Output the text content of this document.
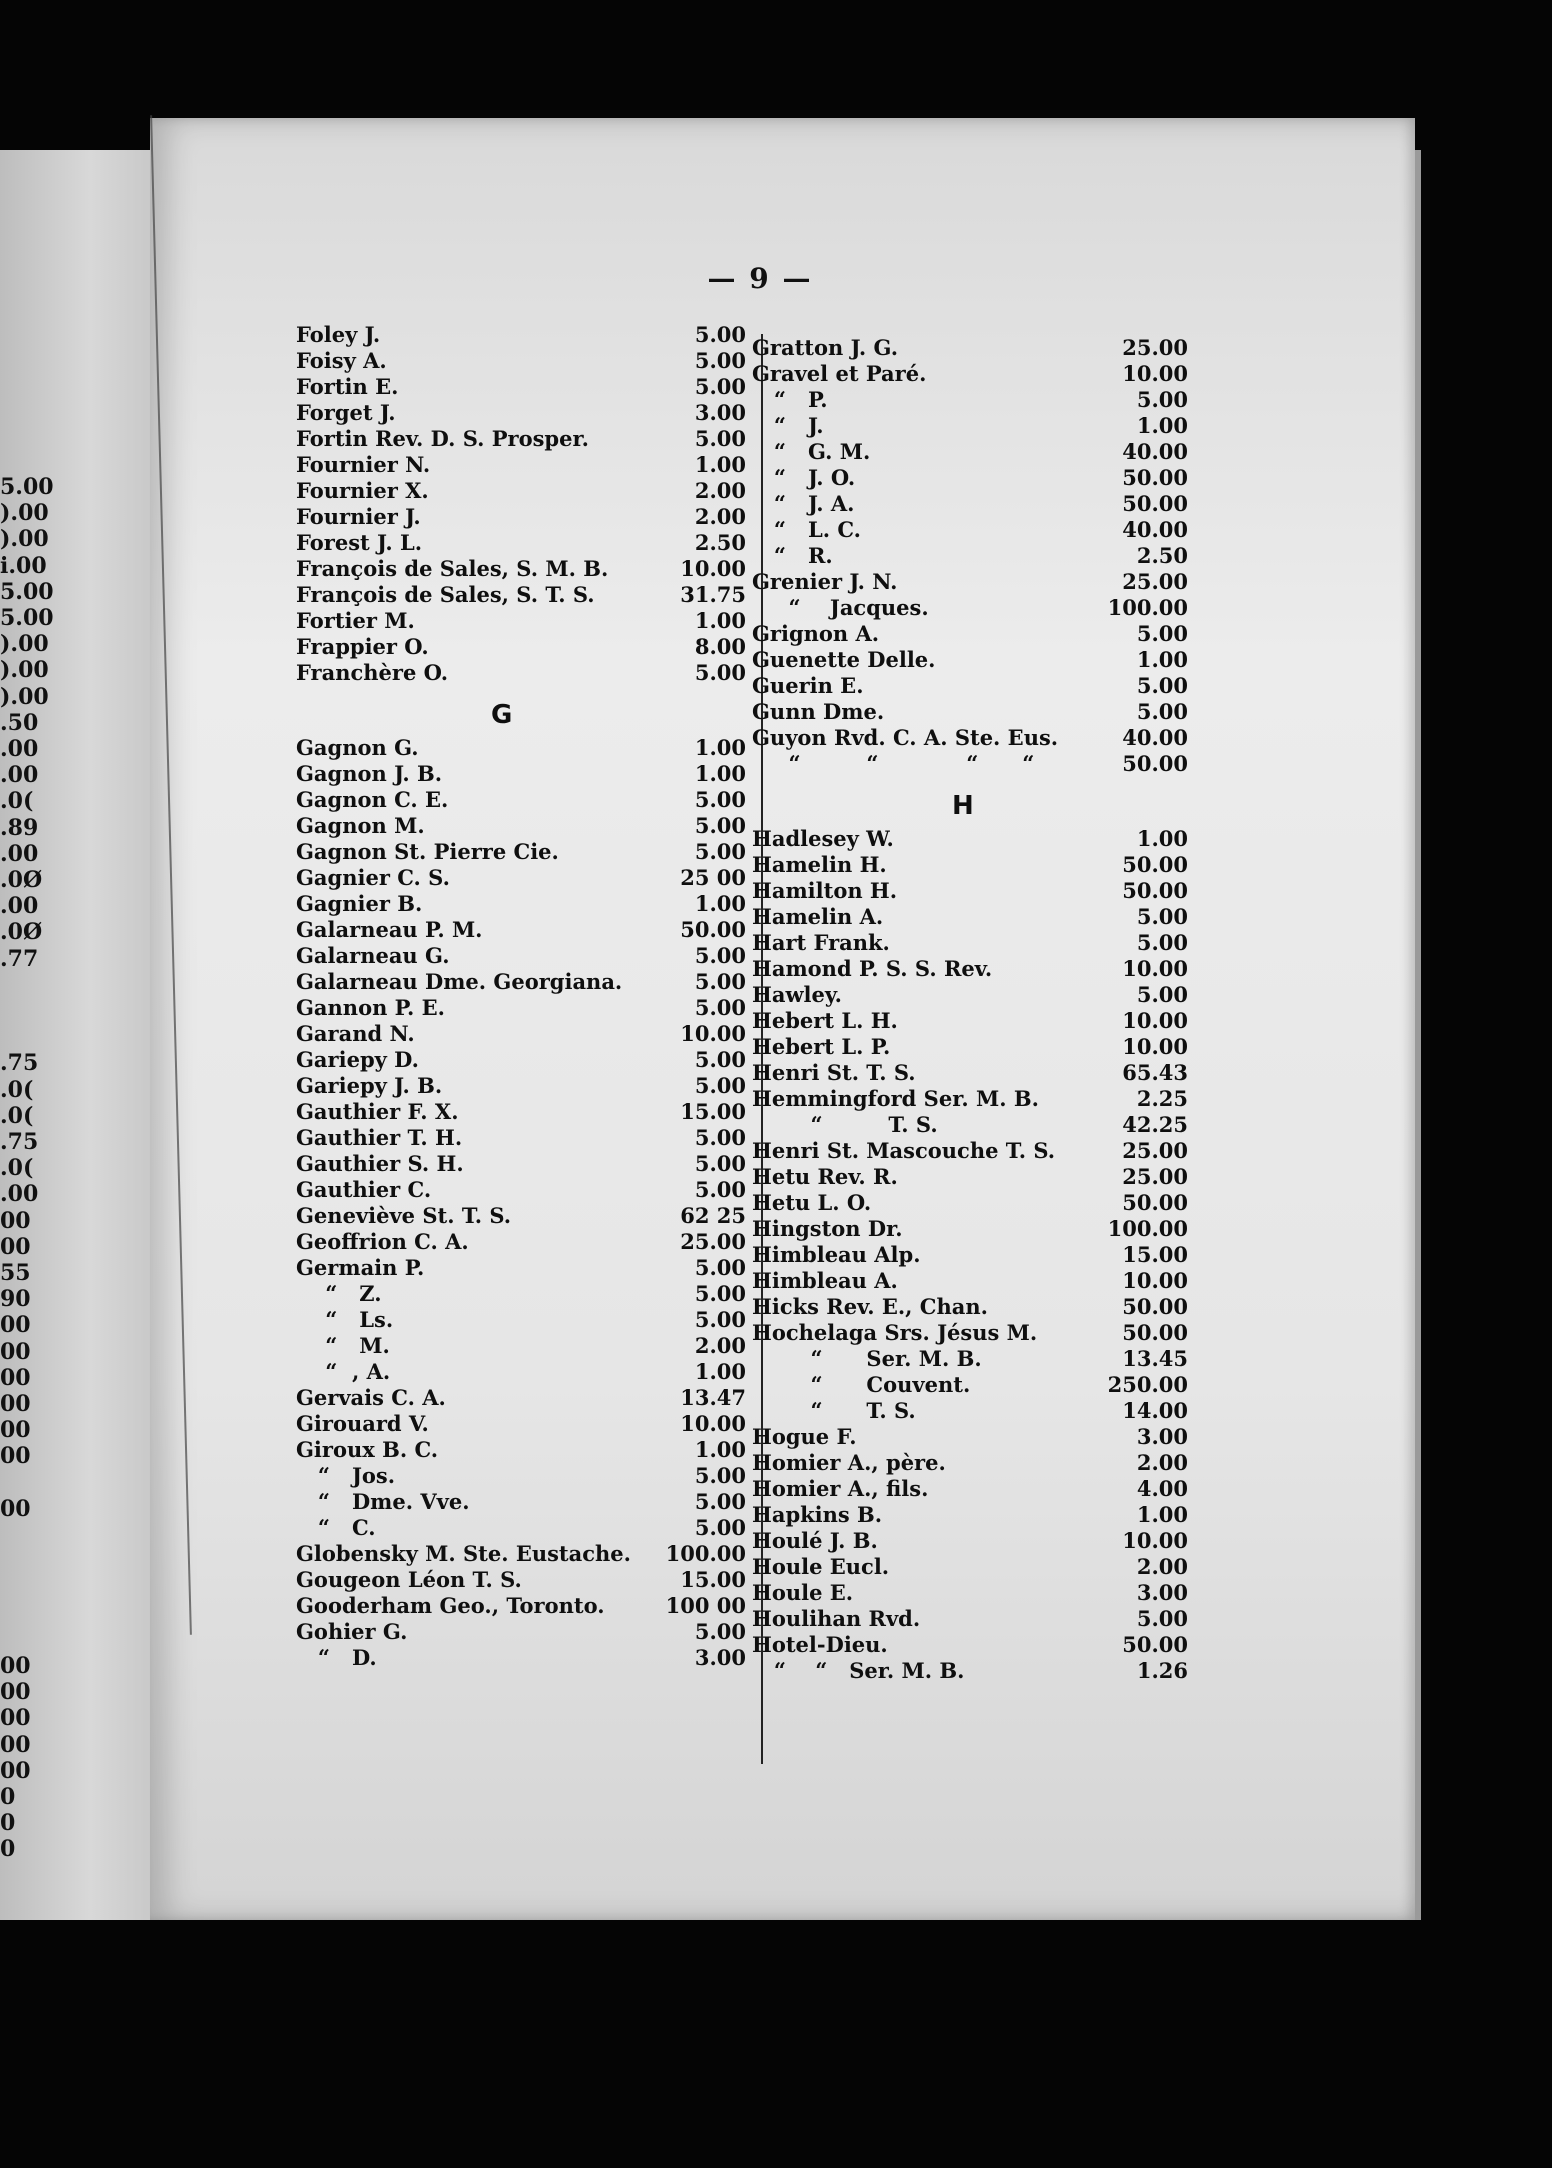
5.00
).00
).00
i.00
5.00
5.00
).00
).00
).00
.50
.00
.00
.0(
.89
.00
.0Ø
.00
.0Ø
.77
.75
.0(
.0(
.75
.0(
.00
00
00
55
90
00
00
00
00
00
00
00
00
00
00
00
00
0
0
0
— 9 —
Foley J.	5.00
Foisy A.	5.00
Fortin E.	5.00
Forget J.	3.00
Fortin Rev. D. S. Prosper.	5.00
Fournier N.	1.00
Fournier X.	2.00
Fournier J.	2.00
Forest J. L.	2.50
François de Sales, S. M. B.	10.00
François de Sales, S. T. S.	31.75
Fortier M.	1.00
Frappier O.	8.00
Franchère O.	5.00
G
Gagnon G.	1.00
Gagnon J. B.	1.00
Gagnon C. E.	5.00
Gagnon M.	5.00
Gagnon St. Pierre Cie.	5.00
Gagnier C. S.	25 00
Gagnier B.	1.00
Galarneau P. M.	50.00
Galarneau G.	5.00
Galarneau Dme. Georgiana.	5.00
Gannon P. E.	5.00
Garand N.	10.00
Gariepy D.	5.00
Gariepy J. B.	5.00
Gauthier F. X.	15.00
Gauthier T. H.	5.00
Gauthier S. H.	5.00
Gauthier C.	5.00
Geneviève St. T. S.	62 25
Geoffrion C. A.	25.00
Germain P.	5.00
“   Z.	5.00
“   Ls.	5.00
“   M.	2.00
“  , A.	1.00
Gervais C. A.	13.47
Girouard V.	10.00
Giroux B. C.	1.00
“   Jos.	5.00
“   Dme. Vve.	5.00
“   C.	5.00
Globensky M. Ste. Eustache. 100.00
Gougeon Léon T. S.	15.00
Gooderham Geo., Toronto.	100 00
Gohier G.	5.00
“   D.	3.00
Gratton J. G.	25.00
Gravel et Paré.	10.00
“   P.	5.00
“   J.	1.00
“   G. M.	40.00
“   J. O.	50.00
“   J. A.	50.00
“   L. C.	40.00
“   R.	2.50
Grenier J. N.	25.00
“    Jacques.	100.00
Grignon A.	5.00
Guenette Delle.	1.00
Guerin E.	5.00
Gunn Dme.	5.00
Guyon Rvd. C. A. Ste. Eus.	40.00
“         “            “      “	50.00
H
Hadlesey W.	1.00
Hamelin H.	50.00
Hamilton H.	50.00
Hamelin A.	5.00
Hart Frank.	5.00
Hamond P. S. S. Rev.	10.00
Hawley.	5.00
Hebert L. H.	10.00
Hebert L. P.	10.00
Henri St. T. S.	65.43
Hemmingford Ser. M. B.	2.25
“         T. S.	42.25
Henri St. Mascouche T. S.	25.00
Hetu Rev. R.	25.00
Hetu L. O.	50.00
Hingston Dr.	100.00
Himbleau Alp.	15.00
Himbleau A.	10.00
Hicks Rev. E., Chan.	50.00
Hochelaga Srs. Jésus M.	50.00
“      Ser. M. B.	13.45
“      Couvent.	250.00
“      T. S.	14.00
Hogue F.	3.00
Homier A., père.	2.00
Homier A., fils.	4.00
Hapkins B.	1.00
Houlé J. B.	10.00
Houle Eucl.	2.00
Houle E.	3.00
Houlihan Rvd.	5.00
Hotel-Dieu.	50.00
“    “   Ser. M. B.	1.26
